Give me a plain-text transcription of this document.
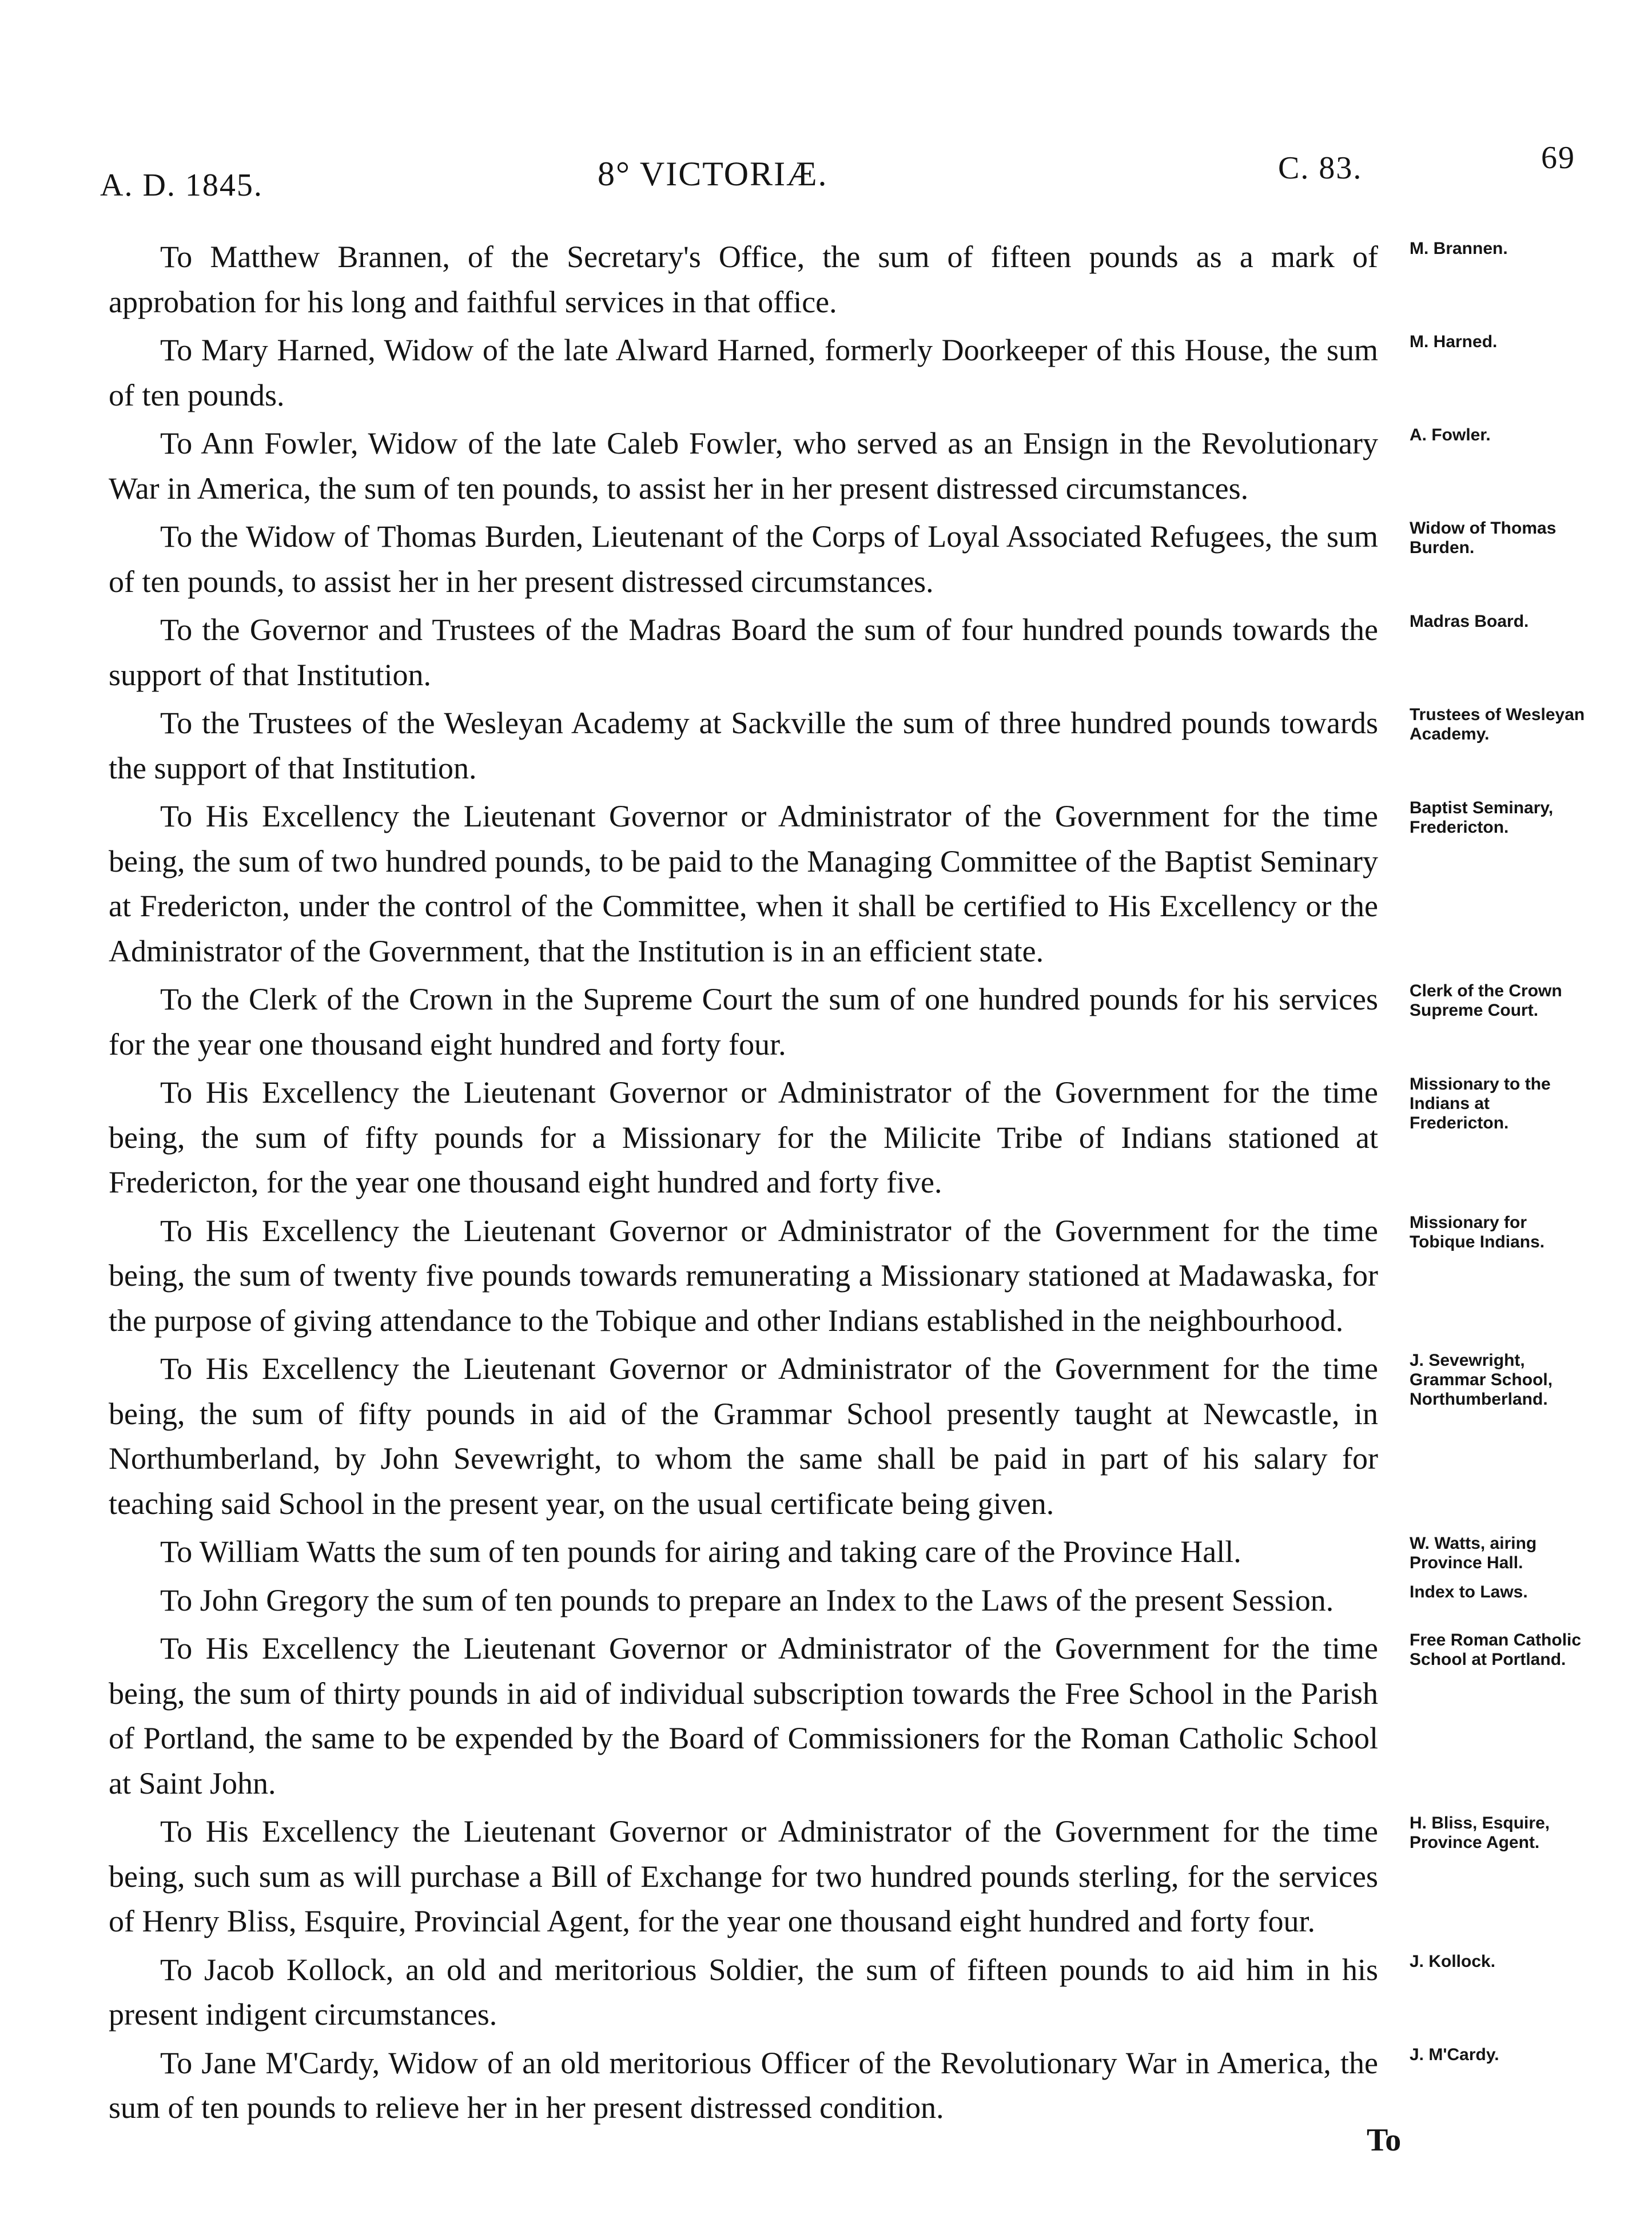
A. D. 1845.	8° VICTORIÆ.	C. 83.	69
To Matthew Brannen, of the Secretary's Office, the sum of fifteen pounds as a mark of approbation for his long and faithful services in that office.
M. Brannen.
To Mary Harned, Widow of the late Alward Harned, formerly Doorkeeper of this House, the sum of ten pounds.
M. Harned.
To Ann Fowler, Widow of the late Caleb Fowler, who served as an Ensign in the Revolutionary War in America, the sum of ten pounds, to assist her in her present distressed circumstances.
A. Fowler.
To the Widow of Thomas Burden, Lieutenant of the Corps of Loyal Associated Refugees, the sum of ten pounds, to assist her in her present distressed circumstances.
Widow of Thomas Burden.
To the Governor and Trustees of the Madras Board the sum of four hundred pounds towards the support of that Institution.
Madras Board.
To the Trustees of the Wesleyan Academy at Sackville the sum of three hundred pounds towards the support of that Institution.
Trustees of Wesleyan Academy.
To His Excellency the Lieutenant Governor or Administrator of the Government for the time being, the sum of two hundred pounds, to be paid to the Managing Committee of the Baptist Seminary at Fredericton, under the control of the Committee, when it shall be certified to His Excellency or the Administrator of the Government, that the Institution is in an efficient state.
Baptist Seminary, Fredericton.
To the Clerk of the Crown in the Supreme Court the sum of one hundred pounds for his services for the year one thousand eight hundred and forty four.
Clerk of the Crown Supreme Court.
To His Excellency the Lieutenant Governor or Administrator of the Government for the time being, the sum of fifty pounds for a Missionary for the Milicite Tribe of Indians stationed at Fredericton, for the year one thousand eight hundred and forty five.
Missionary to the Indians at Fredericton.
To His Excellency the Lieutenant Governor or Administrator of the Government for the time being, the sum of twenty five pounds towards remunerating a Missionary stationed at Madawaska, for the purpose of giving attendance to the Tobique and other Indians established in the neighbourhood.
Missionary for Tobique Indians.
To His Excellency the Lieutenant Governor or Administrator of the Government for the time being, the sum of fifty pounds in aid of the Grammar School presently taught at Newcastle, in Northumberland, by John Sevewright, to whom the same shall be paid in part of his salary for teaching said School in the present year, on the usual certificate being given.
J. Sevewright, Grammar School, Northumberland.
To William Watts the sum of ten pounds for airing and taking care of the Province Hall.	W. Watts, airing Province Hall.
To John Gregory the sum of ten pounds to prepare an Index to the Laws of the present Session.	Index to Laws.
To His Excellency the Lieutenant Governor or Administrator of the Government for the time being, the sum of thirty pounds in aid of individual subscription towards the Free School in the Parish of Portland, the same to be expended by the Board of Commissioners for the Roman Catholic School at Saint John.
Free Roman Catholic School at Portland.
To His Excellency the Lieutenant Governor or Administrator of the Government for the time being, such sum as will purchase a Bill of Exchange for two hundred pounds sterling, for the services of Henry Bliss, Esquire, Provincial Agent, for the year one thousand eight hundred and forty four.
H. Bliss, Esquire, Province Agent.
To Jacob Kollock, an old and meritorious Soldier, the sum of fifteen pounds to aid him in his present indigent circumstances.
J. Kollock.
To Jane M'Cardy, Widow of an old meritorious Officer of the Revolutionary War in America, the sum of ten pounds to relieve her in her present distressed condition.
J. M'Cardy.
To
